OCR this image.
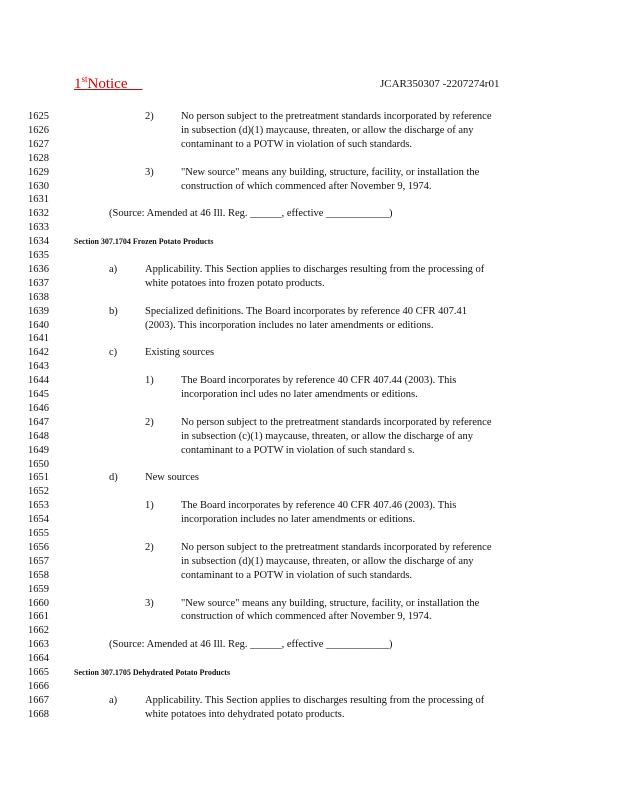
1stNotice	JCAR350307 -2207274r01
1625	2)	No person subject to the pretreatment standards incorporated by reference
1626	in subsection (d)(1) maycause, threaten, or allow the discharge of any
1627	contaminant to a POTW in violation of such standards.
1628
1629	3)	"New source" means any building, structure, facility, or installation the
1630	construction of which commenced after November 9, 1974.
1631
1632	(Source: Amended at 46 Ill. Reg. ______, effective ____________)
1633
1634	Section 307.1704 Frozen Potato Products
1635
1636	a)	Applicability. This Section applies to discharges resulting from the processing of
1637	white potatoes into frozen potato products.
1638
1639	b)	Specialized definitions. The Board incorporates by reference 40 CFR 407.41
1640	(2003). This incorporation includes no later amendments or editions.
1641
1642	c)	Existing sources
1643
1644	1)	The Board incorporates by reference 40 CFR 407.44 (2003). This
1645	incorporation incl udes no later amendments or editions.
1646
1647	2)	No person subject to the pretreatment standards incorporated by reference
1648	in subsection (c)(1) maycause, threaten, or allow the discharge of any
1649	contaminant to a POTW in violation of such standard s.
1650
1651	d)	New sources
1652
1653	1)	The Board incorporates by reference 40 CFR 407.46 (2003). This
1654	incorporation includes no later amendments or editions.
1655
1656	2)	No person subject to the pretreatment standards incorporated by reference
1657	in subsection (d)(1) maycause, threaten, or allow the discharge of any
1658	contaminant to a POTW in violation of such standards.
1659
1660	3)	"New source" means any building, structure, facility, or installation the
1661	construction of which commenced after November 9, 1974.
1662
1663	(Source: Amended at 46 Ill. Reg. ______, effective ____________)
1664
1665	Section 307.1705 Dehydrated Potato Products
1666
1667	a)	Applicability. This Section applies to discharges resulting from the processing of
1668	white potatoes into dehydrated potato products.
